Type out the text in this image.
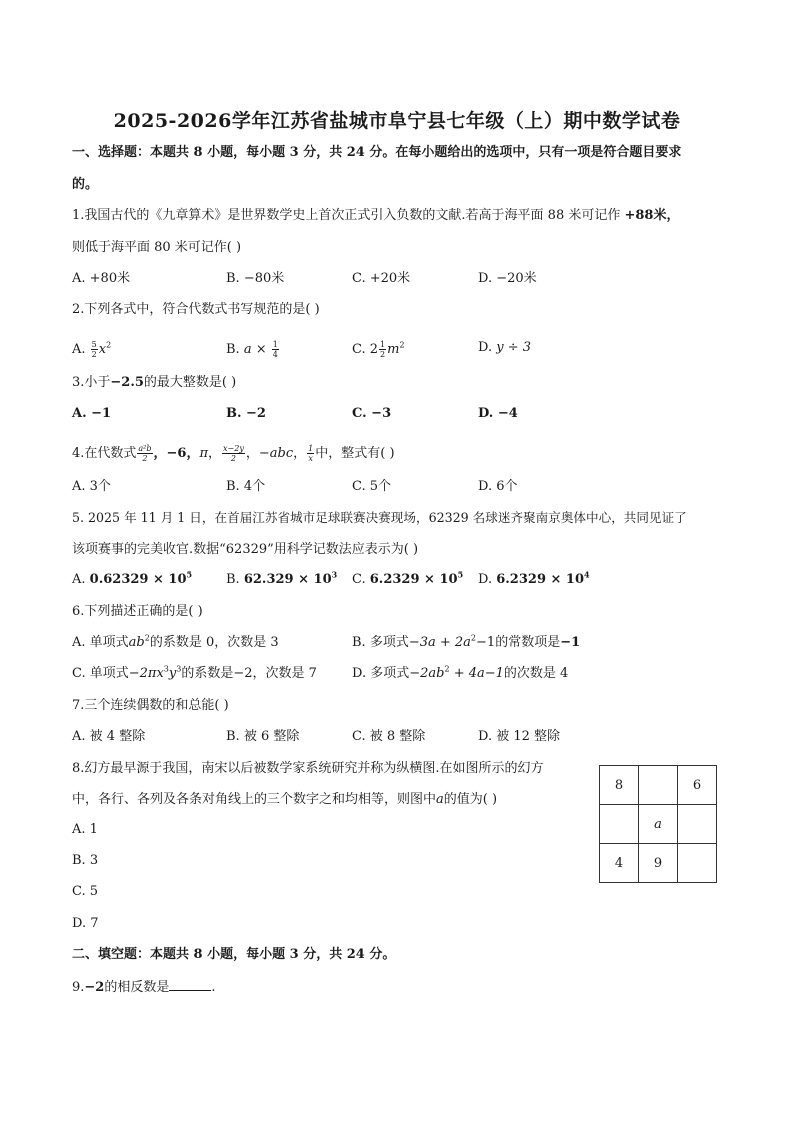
2025-2026学年江苏省盐城市阜宁县七年级（上）期中数学试卷
一、选择题：本题共 8 小题，每小题 3 分，共 24 分。在每小题给出的选项中，只有一项是符合题目要求
的。
1.我国古代的《九章算术》是世界数学史上首次正式引入负数的文献.若高于海平面 88 米可记作 +88米，
则低于海平面 80 米可记作( )
A. +80米	B. −80米	C. +20米	D. −20米
2.下列各式中，符合代数式书写规范的是( )
A. $\frac{5}{2} x^2$	B. $a \times \frac{1}{4}$	C. $2 \frac{1}{2} m^2$	D. y ÷ 3
3.小于−2.5的最大整数是( )
A. −1	B. −2	C. −3	D. −4
4.在代数式 $\frac{\text{a²b}}{2}$ ，−6，π， $\frac{x-2y}{2}$ ，−abc， $\frac{1}{x}$ 中，整式有( )
A. 3个	B. 4个	C. 5个	D. 6个
5. 2025 年 11 月 1 日，在首届江苏省城市足球联赛决赛现场，62329 名球迷齐聚南京奥体中心，共同见证了
该项赛事的完美收官.数据“62329”用科学记数法应表示为( )
A. $0.62329 \times 10^5$	B. $62.329 \times 10^3$ C. $6.2329 \times 10^5$ D. $6.2329 \times 10^4$
6.下列描述正确的是( )
A. 单项式$ab^2$的系数是 0，次数是 3	B. 多项式$-3a + 2a^2-1$的常数项是−1
C. 单项式$-2\pi x^3y^3$的系数是−2，次数是 7	D. 多项式$-2ab^2 + 4a-1$的次数是 4
7.三个连续偶数的和总能( )
A. 被 4 整除	B. 被 6 整除	C. 被 8 整除	D. 被 12 整除
8.幻方最早源于我国，南宋以后被数学家系统研究并称为纵横图.在如图所示的幻方
中，各行、各列及各条对角线上的三个数字之和均相等，则图中a的值为( )
A. 1
B. 3
C. 5
D. 7
8		6
	a	
4	9	
二、填空题：本题共 8 小题，每小题 3 分，共 24 分。
9.−2的相反数是	.
